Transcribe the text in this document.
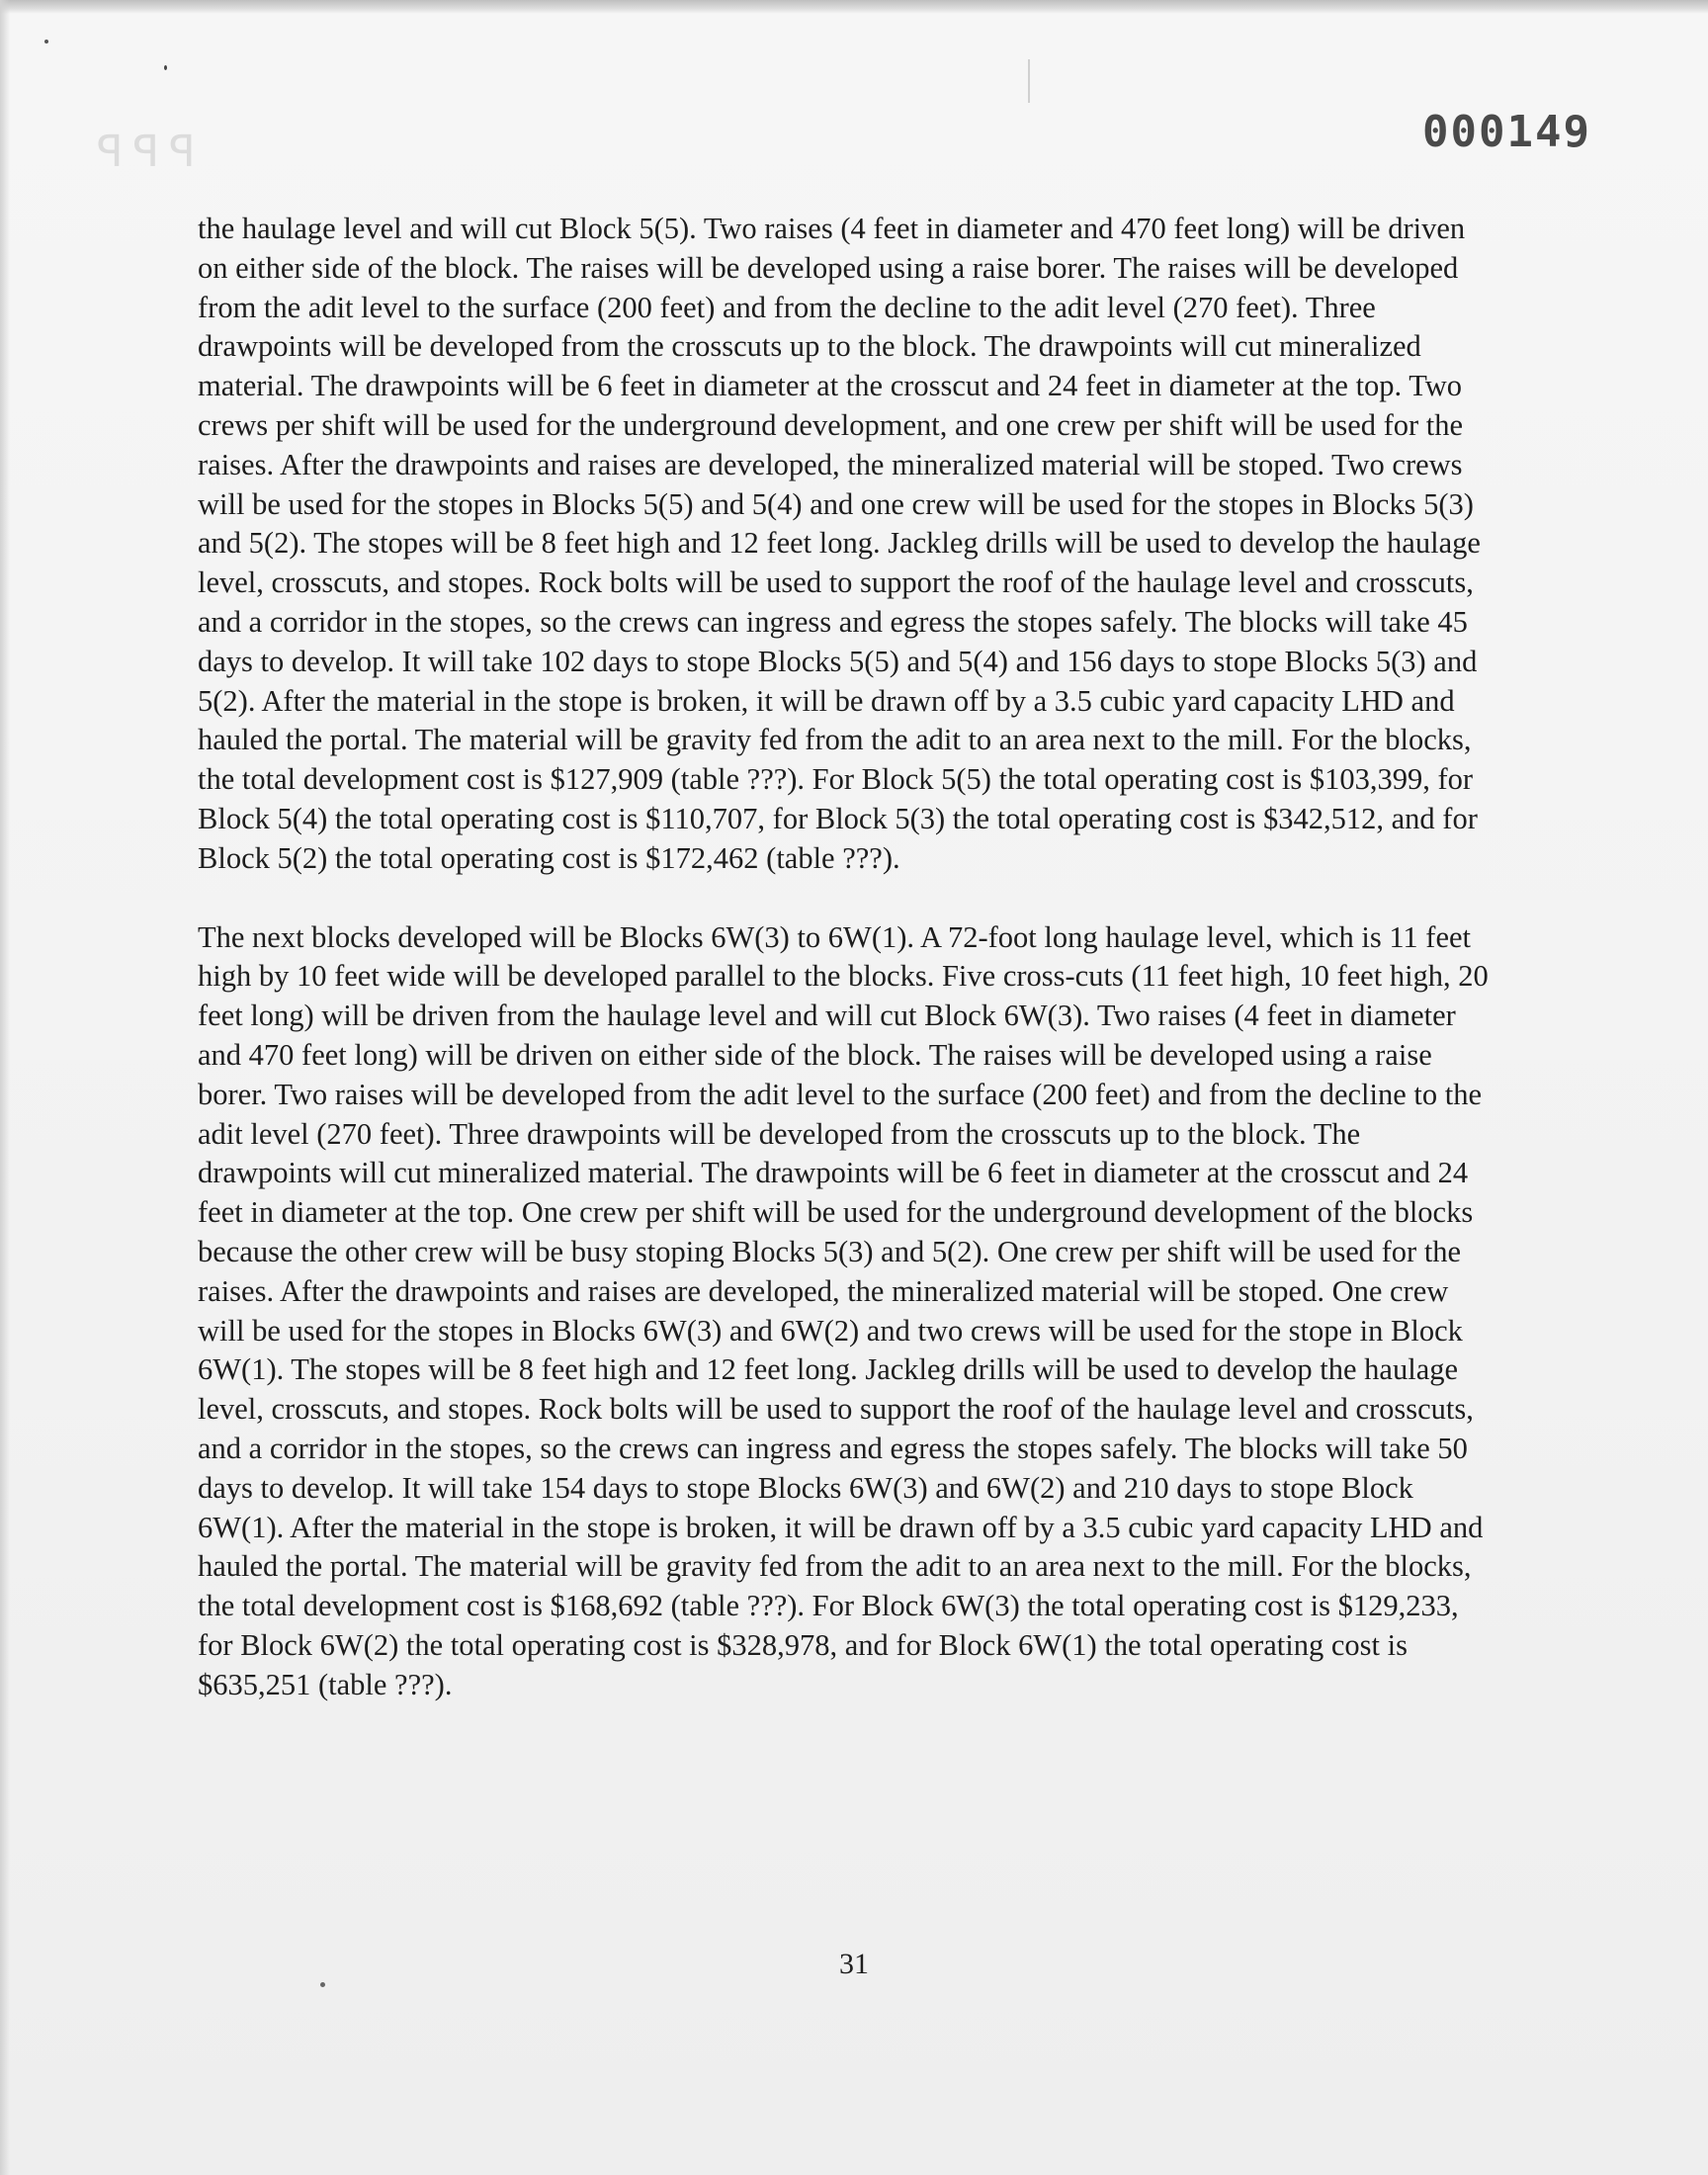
ꟼꟼꟼ	000149

the haulage level and will cut Block 5(5). Two raises (4 feet in diameter and 470 feet long) will be driven on either side of the block. The raises will be developed using a raise borer. The raises will be developed from the adit level to the surface (200 feet) and from the decline to the adit level (270 feet). Three drawpoints will be developed from the crosscuts up to the block. The drawpoints will cut mineralized material. The drawpoints will be 6 feet in diameter at the crosscut and 24 feet in diameter at the top. Two crews per shift will be used for the underground development, and one crew per shift will be used for the raises. After the drawpoints and raises are developed, the mineralized material will be stoped. Two crews will be used for the stopes in Blocks 5(5) and 5(4) and one crew will be used for the stopes in Blocks 5(3) and 5(2). The stopes will be 8 feet high and 12 feet long. Jackleg drills will be used to develop the haulage level, crosscuts, and stopes. Rock bolts will be used to support the roof of the haulage level and crosscuts, and a corridor in the stopes, so the crews can ingress and egress the stopes safely. The blocks will take 45 days to develop. It will take 102 days to stope Blocks 5(5) and 5(4) and 156 days to stope Blocks 5(3) and 5(2). After the material in the stope is broken, it will be drawn off by a 3.5 cubic yard capacity LHD and hauled the portal. The material will be gravity fed from the adit to an area next to the mill. For the blocks, the total development cost is $127,909 (table ???). For Block 5(5) the total operating cost is $103,399, for Block 5(4) the total operating cost is $110,707, for Block 5(3) the total operating cost is $342,512, and for Block 5(2) the total operating cost is $172,462 (table ???).

The next blocks developed will be Blocks 6W(3) to 6W(1). A 72-foot long haulage level, which is 11 feet high by 10 feet wide will be developed parallel to the blocks. Five cross-cuts (11 feet high, 10 feet high, 20 feet long) will be driven from the haulage level and will cut Block 6W(3). Two raises (4 feet in diameter and 470 feet long) will be driven on either side of the block. The raises will be developed using a raise borer. Two raises will be developed from the adit level to the surface (200 feet) and from the decline to the adit level (270 feet). Three drawpoints will be developed from the crosscuts up to the block. The drawpoints will cut mineralized material. The drawpoints will be 6 feet in diameter at the crosscut and 24 feet in diameter at the top. One crew per shift will be used for the underground development of the blocks because the other crew will be busy stoping Blocks 5(3) and 5(2). One crew per shift will be used for the raises. After the drawpoints and raises are developed, the mineralized material will be stoped. One crew will be used for the stopes in Blocks 6W(3) and 6W(2) and two crews will be used for the stope in Block 6W(1). The stopes will be 8 feet high and 12 feet long. Jackleg drills will be used to develop the haulage level, crosscuts, and stopes. Rock bolts will be used to support the roof of the haulage level and crosscuts, and a corridor in the stopes, so the crews can ingress and egress the stopes safely. The blocks will take 50 days to develop. It will take 154 days to stope Blocks 6W(3) and 6W(2) and 210 days to stope Block 6W(1). After the material in the stope is broken, it will be drawn off by a 3.5 cubic yard capacity LHD and hauled the portal. The material will be gravity fed from the adit to an area next to the mill. For the blocks, the total development cost is $168,692 (table ???). For Block 6W(3) the total operating cost is $129,233, for Block 6W(2) the total operating cost is $328,978, and for Block 6W(1) the total operating cost is $635,251 (table ???).

31
